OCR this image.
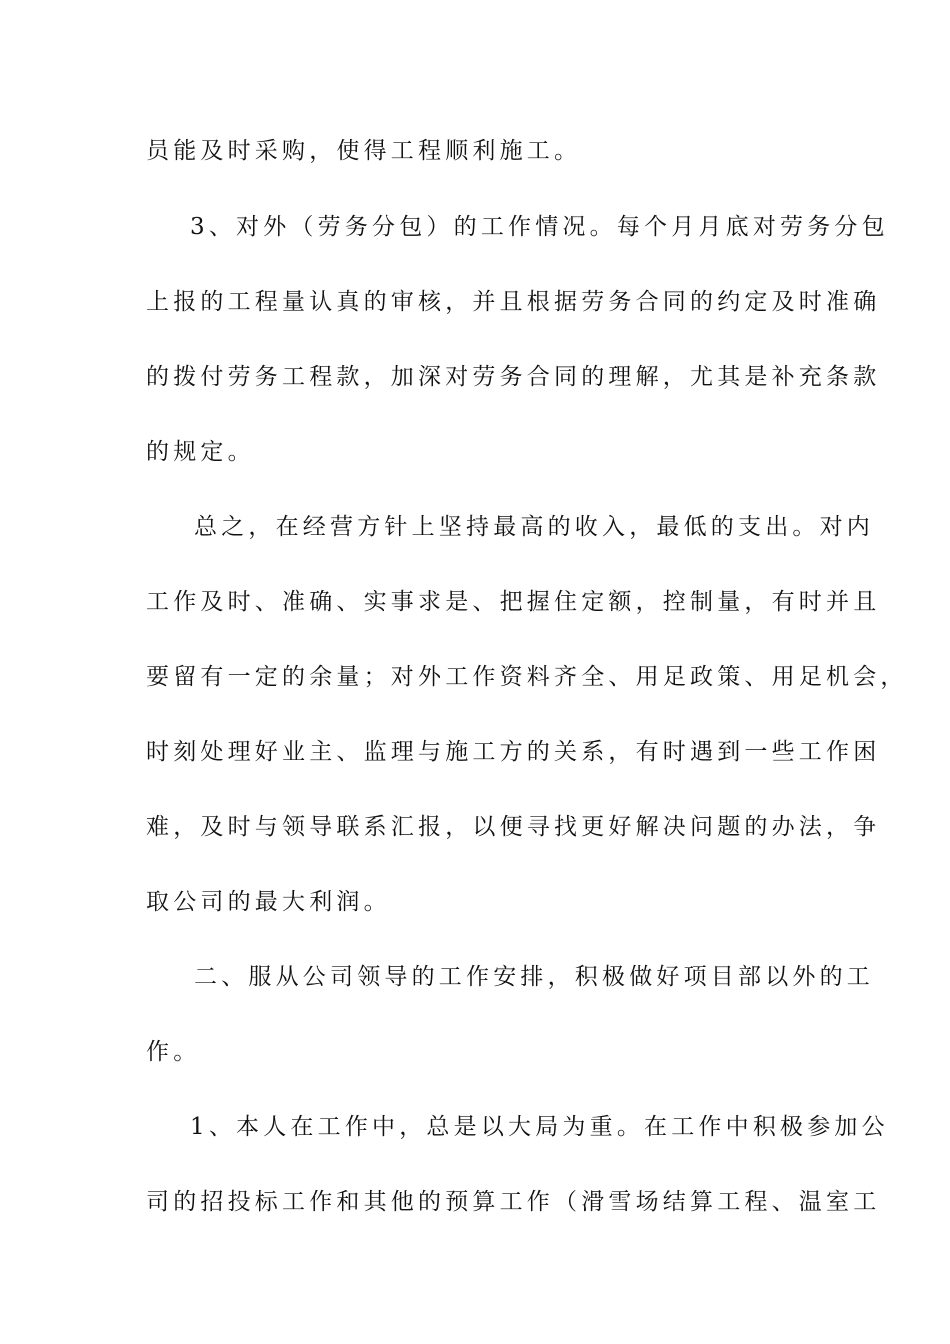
员能及时采购，使得工程顺利施工。

3、对外（劳务分包）的工作情况。每个月月底对劳务分包

上报的工程量认真的审核，并且根据劳务合同的约定及时准确

的拨付劳务工程款，加深对劳务合同的理解，尤其是补充条款

的规定。

总之，在经营方针上坚持最高的收入，最低的支出。对内

工作及时、准确、实事求是、把握住定额，控制量，有时并且

要留有一定的余量；对外工作资料齐全、用足政策、用足机会，

时刻处理好业主、监理与施工方的关系，有时遇到一些工作困

难，及时与领导联系汇报，以便寻找更好解决问题的办法，争

取公司的最大利润。

二、服从公司领导的工作安排，积极做好项目部以外的工

作。

1、本人在工作中，总是以大局为重。在工作中积极参加公

司的招投标工作和其他的预算工作（滑雪场结算工程、温室工
